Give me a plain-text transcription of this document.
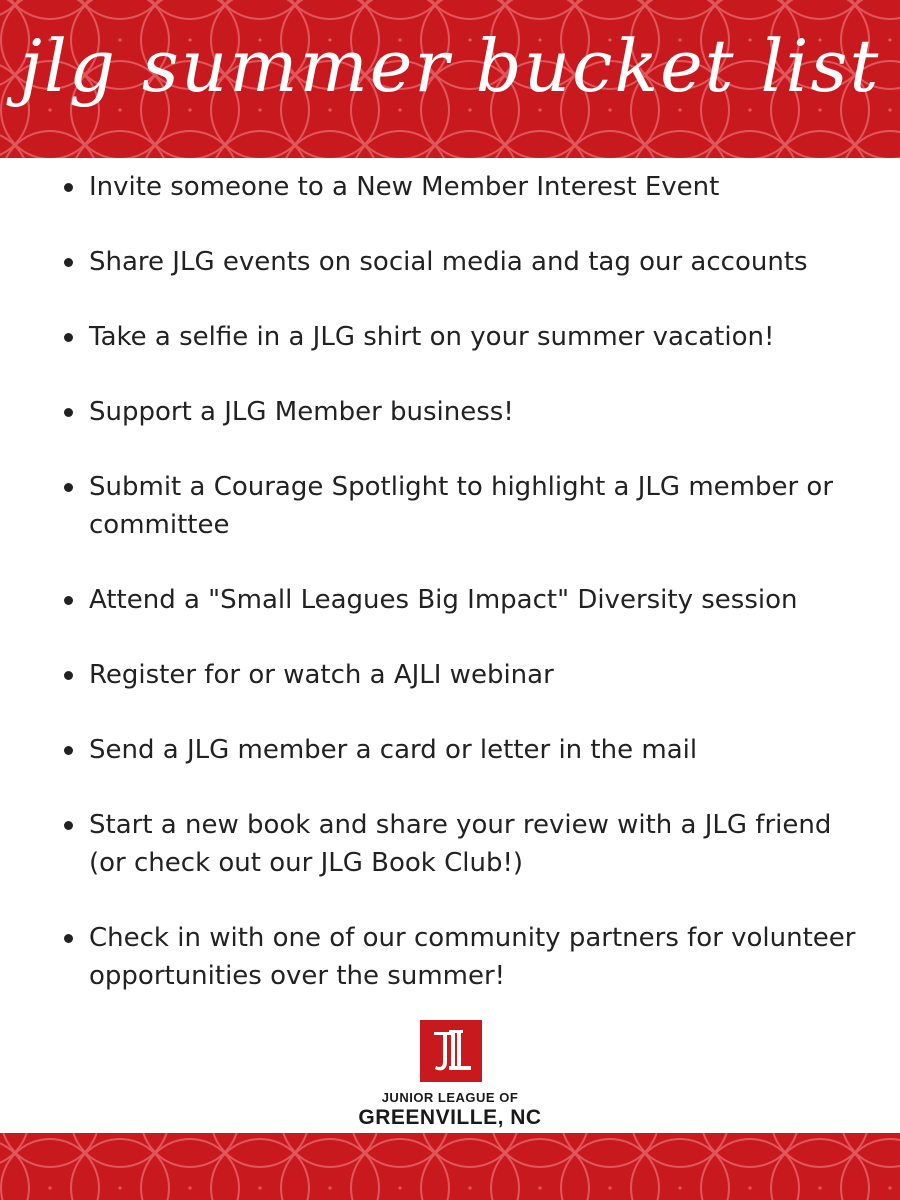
jlg summer bucket list
Invite someone to a New Member Interest Event
Share JLG events on social media and tag our accounts
Take a selfie in a JLG shirt on your summer vacation!
Support a JLG Member business!
Submit a Courage Spotlight to highlight a JLG member or committee
Attend a "Small Leagues Big Impact" Diversity session
Register for or watch a AJLI webinar
Send a JLG member a card or letter in the mail
Start a new book and share your review with a JLG friend (or check out our JLG Book Club!)
Check in with one of our community partners for volunteer opportunities over the summer!
JUNIOR LEAGUE OF
GREENVILLE, NC
